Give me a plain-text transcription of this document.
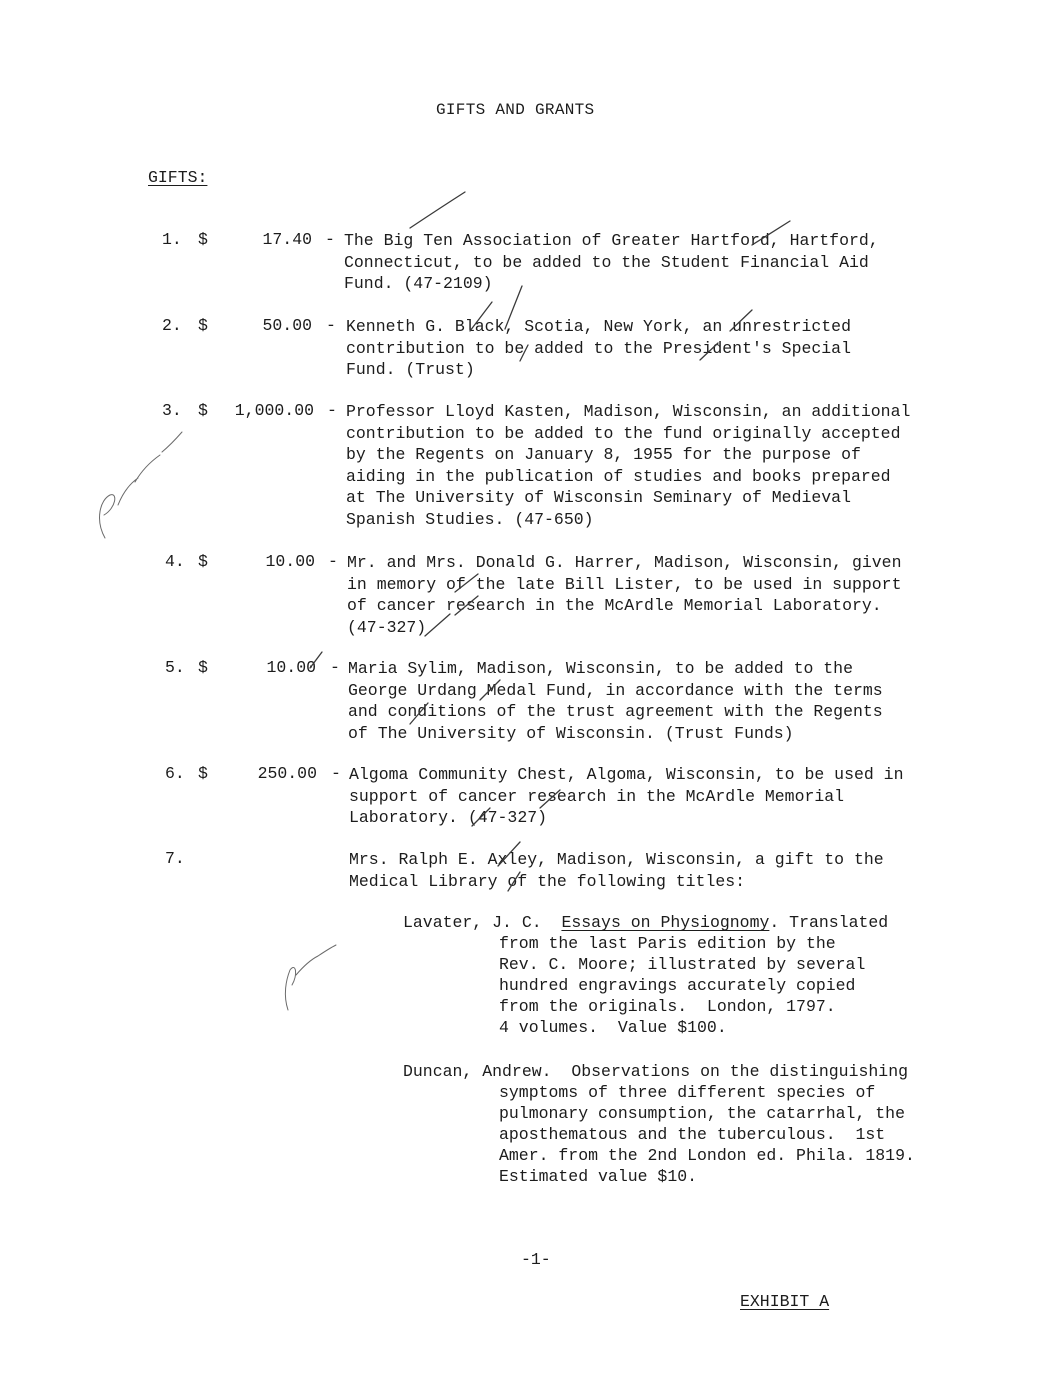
GIFTS AND GRANTS
GIFTS:
1. $	17.40 - The Big Ten Association of Greater Hartford, Hartford,
Connecticut, to be added to the Student Financial Aid
Fund. (47-2109)
2. $	50.00 - Kenneth G. Black, Scotia, New York, an unrestricted
contribution to be added to the President's Special
Fund. (Trust)
3. $	1,000.00 - Professor Lloyd Kasten, Madison, Wisconsin, an additional
contribution to be added to the fund originally accepted
by the Regents on January 8, 1955 for the purpose of
aiding in the publication of studies and books prepared
at The University of Wisconsin Seminary of Medieval
Spanish Studies. (47-650)
4. $	10.00 - Mr. and Mrs. Donald G. Harrer, Madison, Wisconsin, given
in memory of the late Bill Lister, to be used in support
of cancer research in the McArdle Memorial Laboratory.
(47-327)
5. $	10.00 - Maria Sylim, Madison, Wisconsin, to be added to the
George Urdang Medal Fund, in accordance with the terms
and conditions of the trust agreement with the Regents
of The University of Wisconsin. (Trust Funds)
6. $	250.00 - Algoma Community Chest, Algoma, Wisconsin, to be used in
support of cancer research in the McArdle Memorial
Laboratory. (47-327)
7.	Mrs. Ralph E. Axley, Madison, Wisconsin, a gift to the
Medical Library of the following titles:
Lavater, J. C. Essays on Physiognomy. Translated
from the last Paris edition by the
Rev. C. Moore; illustrated by several
hundred engravings accurately copied
from the originals.  London, 1797.
4 volumes.  Value $100.
Duncan, Andrew. Observations on the distinguishing
symptoms of three different species of
pulmonary consumption, the catarrhal, the
aposthematous and the tuberculous.  1st
Amer. from the 2nd London ed. Phila. 1819.
Estimated value $10.
-1-
EXHIBIT A
